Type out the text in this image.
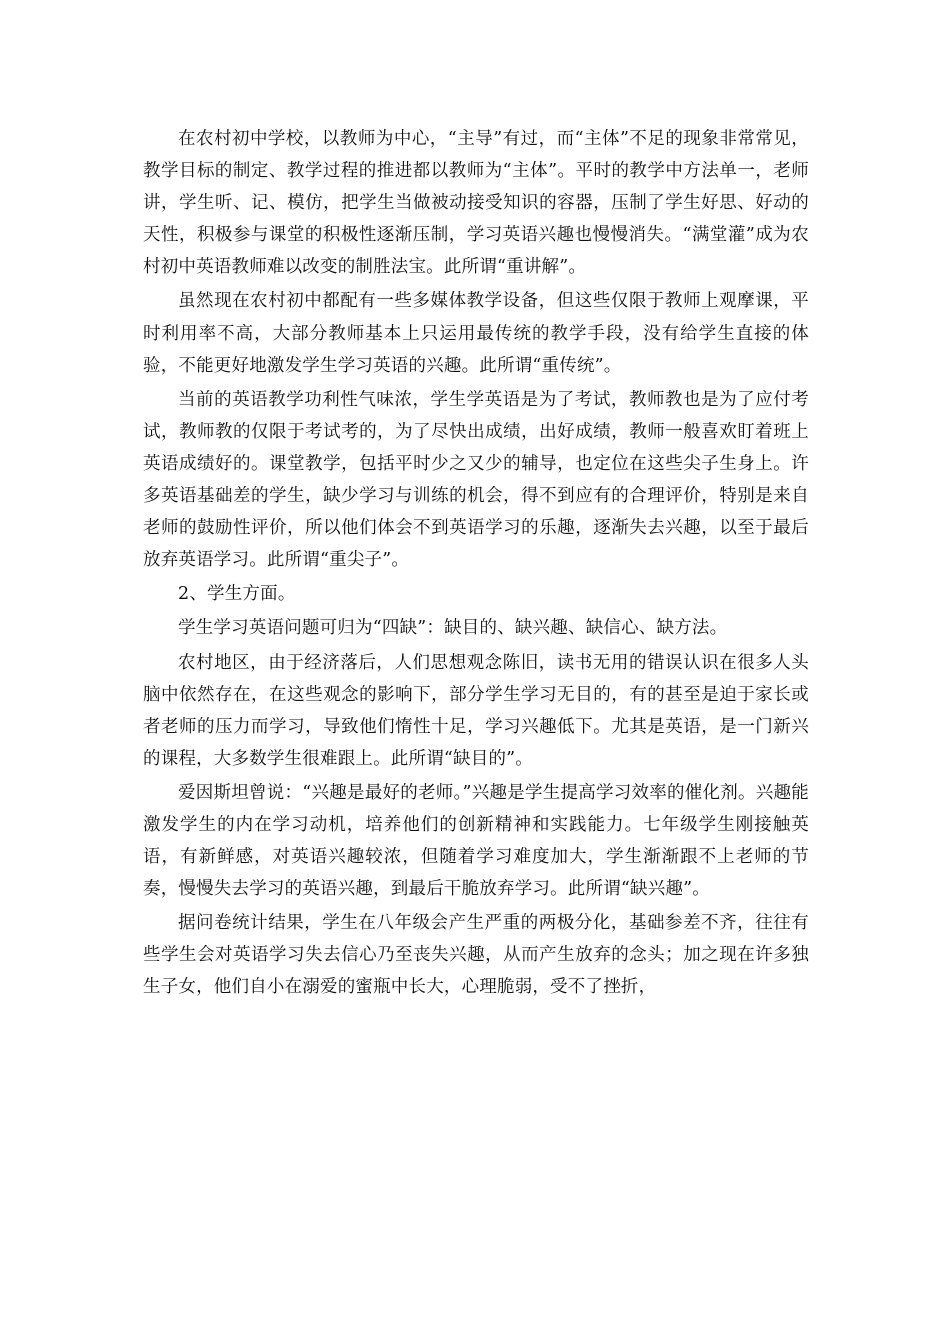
在农村初中学校，以教师为中心，“主导”有过，而“主体”不足的现象非常常见，教学目标的制定、教学过程的推进都以教师为“主体”。平时的教学中方法单一，老师讲，学生听、记、模仿，把学生当做被动接受知识的容器，压制了学生好思、好动的天性，积极参与课堂的积极性逐渐压制，学习英语兴趣也慢慢消失。“满堂灌”成为农村初中英语教师难以改变的制胜法宝。此所谓“重讲解”。

虽然现在农村初中都配有一些多媒体教学设备，但这些仅限于教师上观摩课，平时利用率不高，大部分教师基本上只运用最传统的教学手段，没有给学生直接的体验，不能更好地激发学生学习英语的兴趣。此所谓“重传统”。

当前的英语教学功利性气味浓，学生学英语是为了考试，教师教也是为了应付考试，教师教的仅限于考试考的，为了尽快出成绩，出好成绩，教师一般喜欢盯着班上英语成绩好的。课堂教学，包括平时少之又少的辅导，也定位在这些尖子生身上。许多英语基础差的学生，缺少学习与训练的机会，得不到应有的合理评价，特别是来自老师的鼓励性评价，所以他们体会不到英语学习的乐趣，逐渐失去兴趣，以至于最后放弃英语学习。此所谓“重尖子”。

2、学生方面。

学生学习英语问题可归为“四缺”：缺目的、缺兴趣、缺信心、缺方法。

农村地区，由于经济落后，人们思想观念陈旧，读书无用的错误认识在很多人头脑中依然存在，在这些观念的影响下，部分学生学习无目的，有的甚至是迫于家长或者老师的压力而学习，导致他们惰性十足，学习兴趣低下。尤其是英语，是一门新兴的课程，大多数学生很难跟上。此所谓“缺目的”。

爱因斯坦曾说：“兴趣是最好的老师。”兴趣是学生提高学习效率的催化剂。兴趣能激发学生的内在学习动机，培养他们的创新精神和实践能力。七年级学生刚接触英语，有新鲜感，对英语兴趣较浓，但随着学习难度加大，学生渐渐跟不上老师的节奏，慢慢失去学习的英语兴趣，到最后干脆放弃学习。此所谓“缺兴趣”。

据问卷统计结果，学生在八年级会产生严重的两极分化，基础参差不齐，往往有些学生会对英语学习失去信心乃至丧失兴趣，从而产生放弃的念头；加之现在许多独生子女，他们自小在溺爱的蜜瓶中长大，心理脆弱，受不了挫折，
